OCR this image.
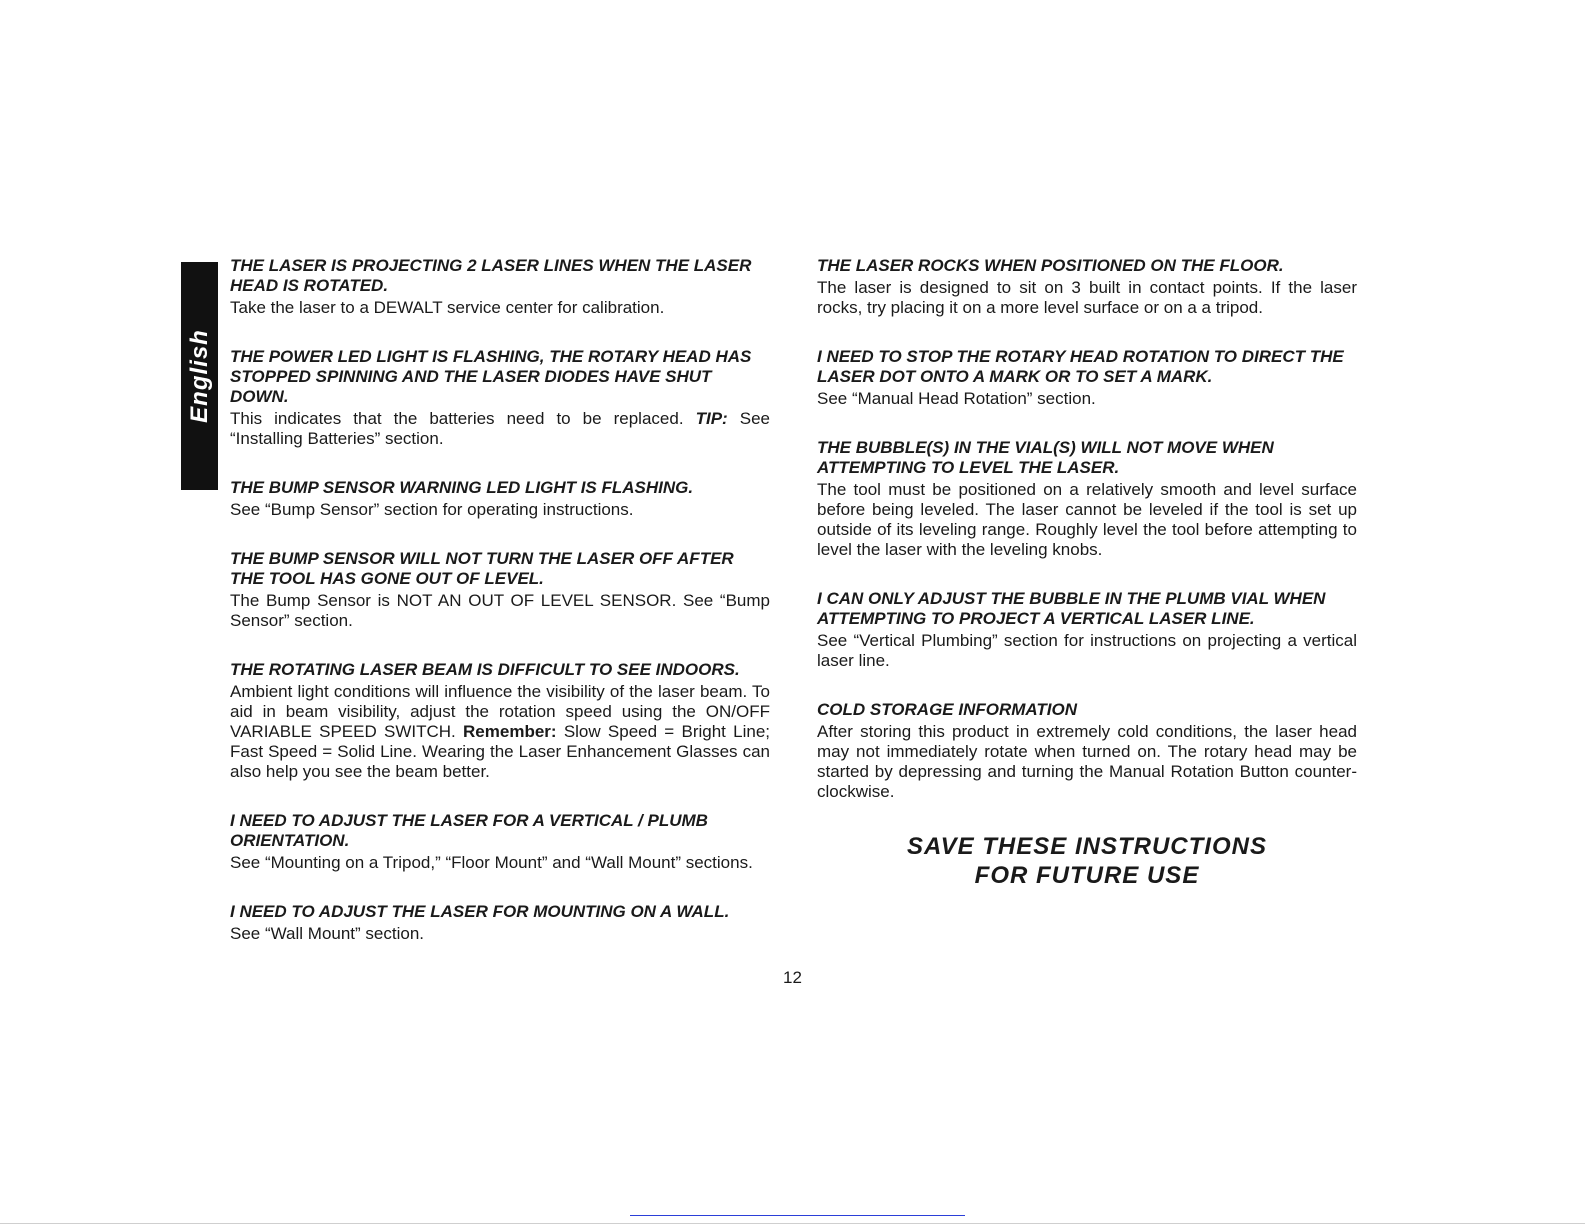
English

THE LASER IS PROJECTING 2 LASER LINES WHEN THE LASER HEAD IS ROTATED.

Take the laser to a DEWALT service center for calibration.

THE POWER LED LIGHT IS FLASHING, THE ROTARY HEAD HAS STOPPED SPINNING AND THE LASER DIODES HAVE SHUT DOWN.

This indicates that the batteries need to be replaced. TIP: See “Installing Batteries” section.

THE BUMP SENSOR WARNING LED LIGHT IS FLASHING.

See “Bump Sensor” section for operating instructions.

THE BUMP SENSOR WILL NOT TURN THE LASER OFF AFTER THE TOOL HAS GONE OUT OF LEVEL.

The Bump Sensor is NOT AN OUT OF LEVEL SENSOR. See “Bump Sensor” section.

THE ROTATING LASER BEAM IS DIFFICULT TO SEE INDOORS.

Ambient light conditions will influence the visibility of the laser beam. To aid in beam visibility, adjust the rotation speed using the ON/OFF VARIABLE SPEED SWITCH. Remember: Slow Speed = Bright Line; Fast Speed = Solid Line. Wearing the Laser Enhancement Glasses can also help you see the beam better.

I NEED TO ADJUST THE LASER FOR A VERTICAL / PLUMB ORIENTATION.

See “Mounting on a Tripod,” “Floor Mount” and “Wall Mount” sections.

I NEED TO ADJUST THE LASER FOR MOUNTING ON A WALL.

See “Wall Mount” section.

THE LASER ROCKS WHEN POSITIONED ON THE FLOOR.

The laser is designed to sit on 3 built in contact points. If the laser rocks, try placing it on a more level surface or on a a tripod.

I NEED TO STOP THE ROTARY HEAD ROTATION TO DIRECT THE LASER DOT ONTO A MARK OR TO SET A MARK.

See “Manual Head Rotation” section.

THE BUBBLE(S) IN THE VIAL(S) WILL NOT MOVE WHEN ATTEMPTING TO LEVEL THE LASER.

The tool must be positioned on a relatively smooth and level surface before being leveled. The laser cannot be leveled if the tool is set up outside of its leveling range. Roughly level the tool before attempting to level the laser with the leveling knobs.

I CAN ONLY ADJUST THE BUBBLE IN THE PLUMB VIAL WHEN ATTEMPTING TO PROJECT A VERTICAL LASER LINE.

See “Vertical Plumbing” section for instructions on projecting a vertical laser line.

COLD STORAGE INFORMATION

After storing this product in extremely cold conditions, the laser head may not immediately rotate when turned on. The rotary head may be started by depressing and turning the Manual Rotation Button counter-clockwise.

SAVE THESE INSTRUCTIONS
FOR FUTURE USE
12
